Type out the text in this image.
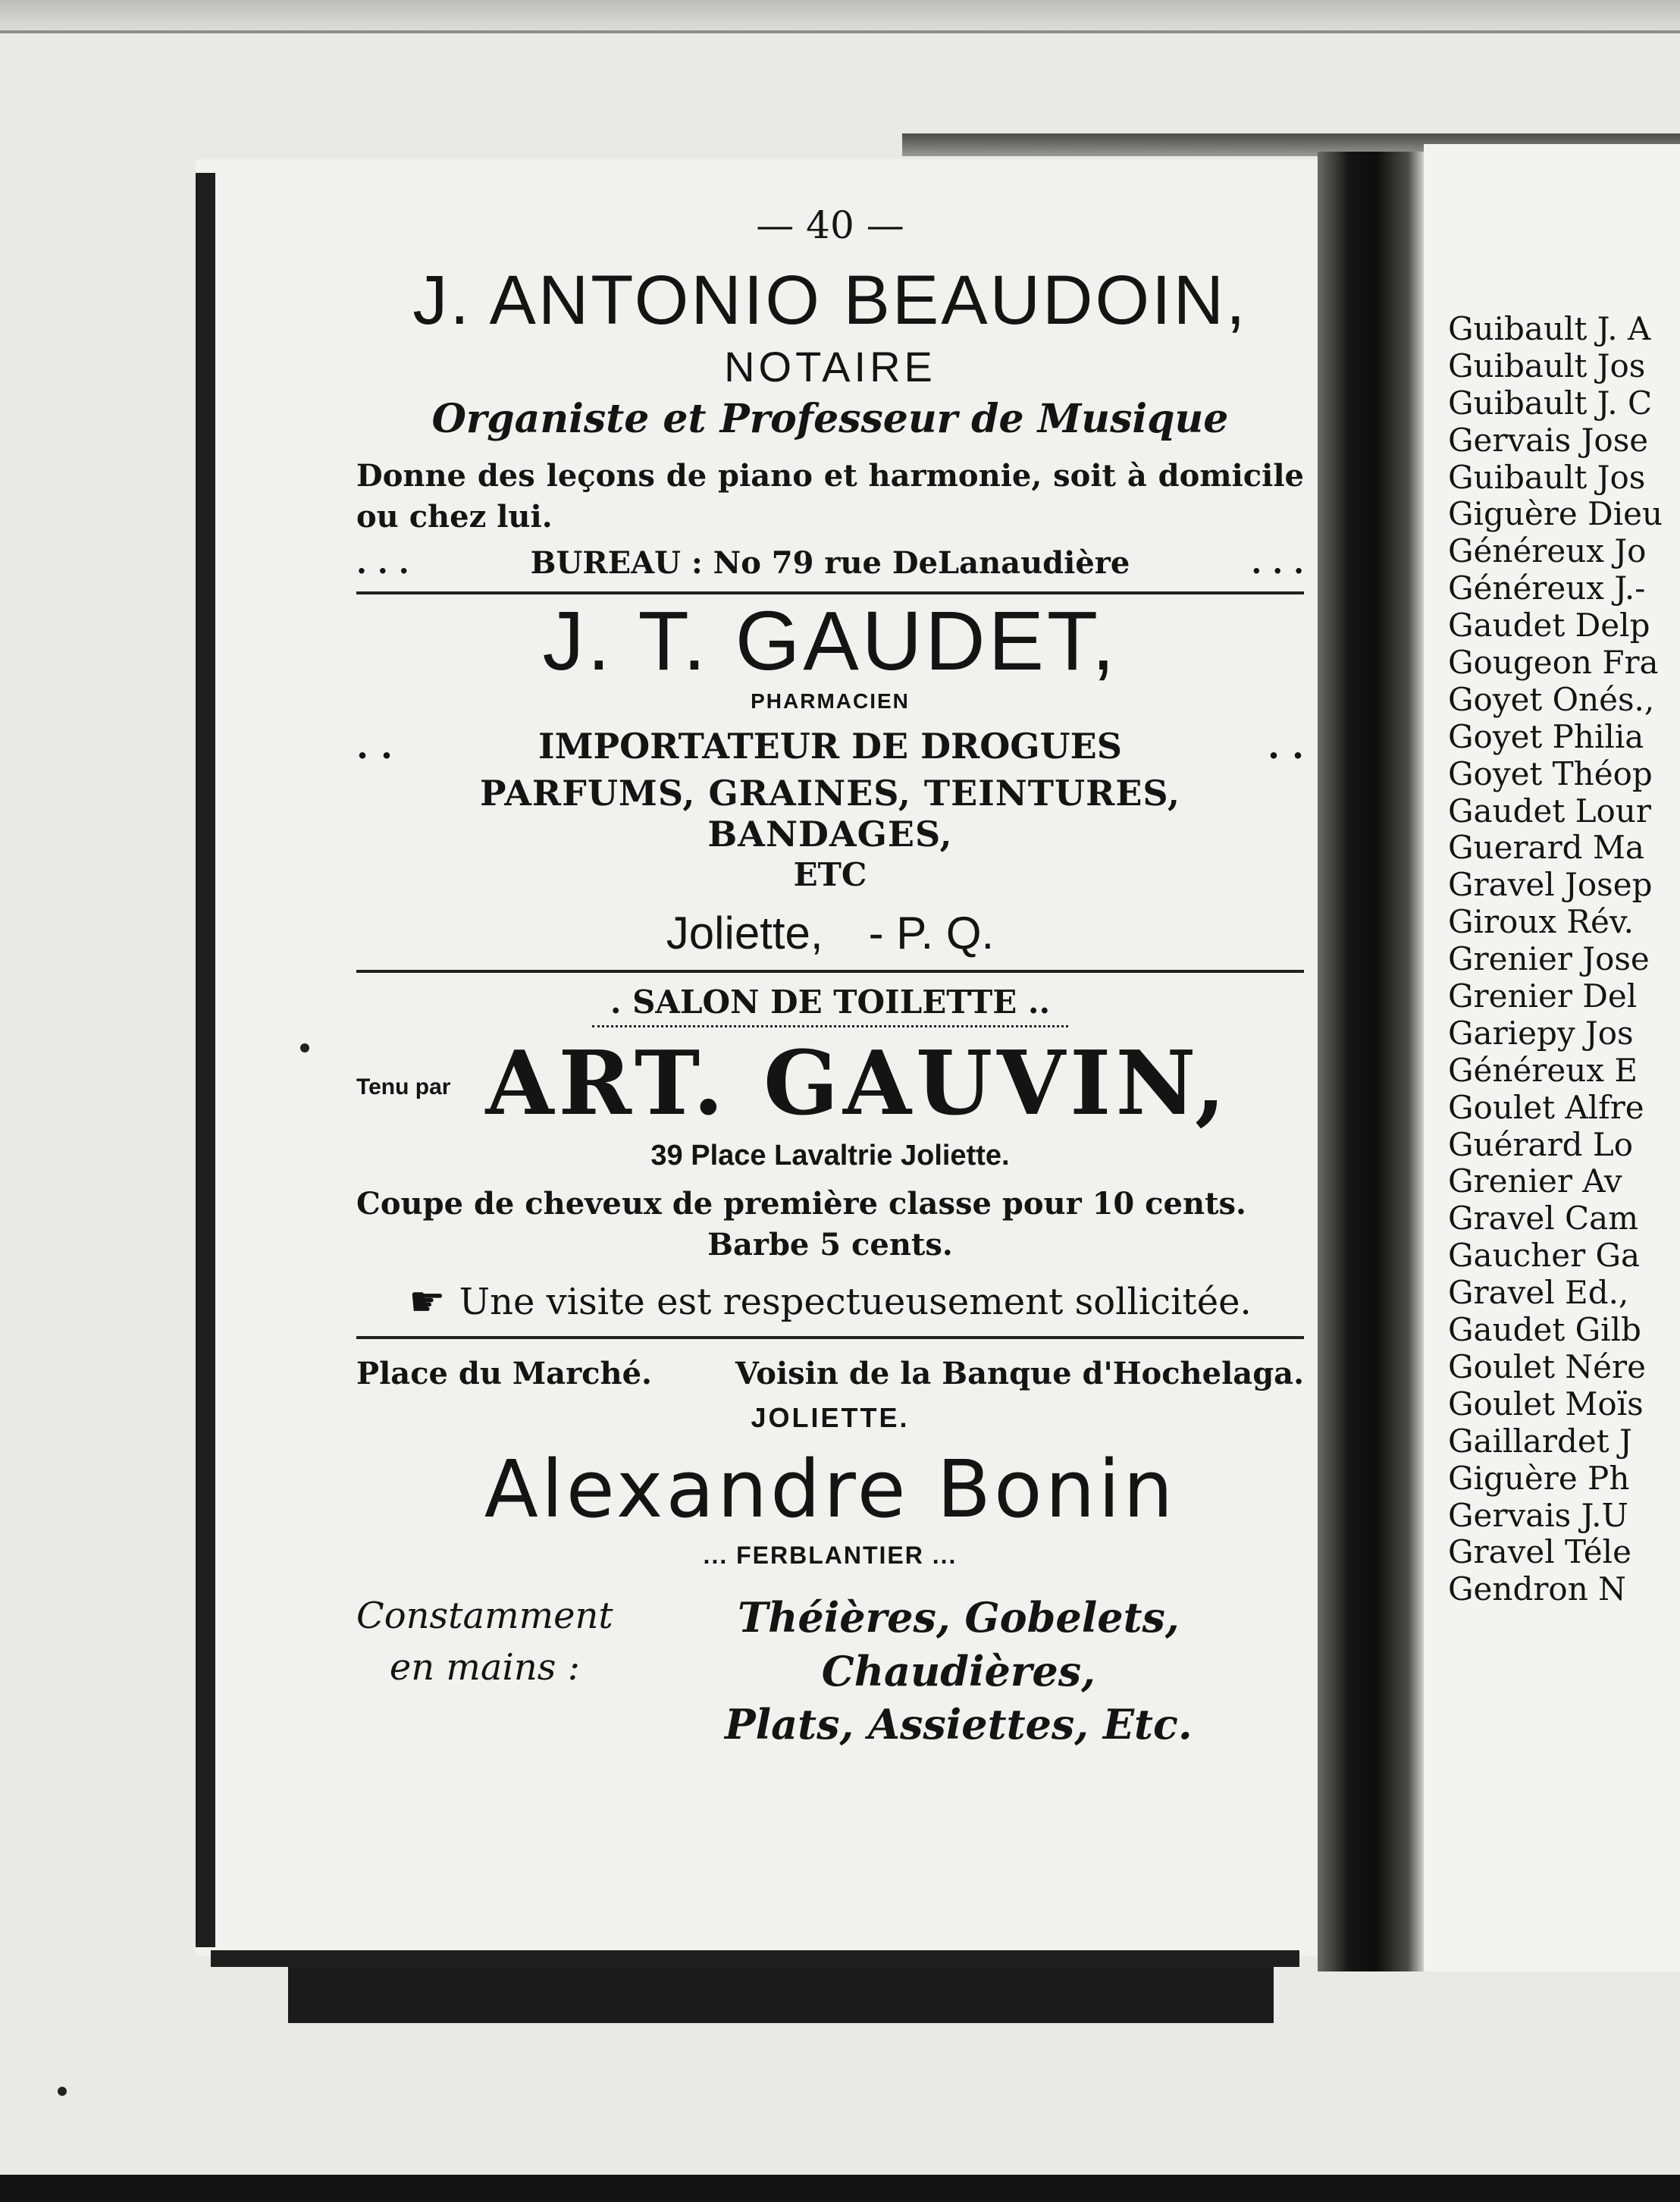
— 40 —
J. ANTONIO BEAUDOIN,
NOTAIRE
Organiste et Professeur de Musique
Donne des leçons de piano et harmonie, soit à domicile ou chez lui.
. . .	BUREAU : No 79 rue DeLanaudière	. . .
J. T. GAUDET,
PHARMACIEN
. .	IMPORTATEUR DE DROGUES	. .
PARFUMS, GRAINES, TEINTURES, BANDAGES,
ETC
Joliette, - P. Q.
. SALON DE TOILETTE ..
Tenu par ART. GAUVIN,
39 Place Lavaltrie Joliette.
Coupe de cheveux de première classe pour 10 cents.
Barbe 5 cents.
☛ Une visite est respectueusement sollicitée.
Place du Marché.	Voisin de la Banque d'Hochelaga.
JOLIETTE.
Alexandre Bonin
... FERBLANTIER ...
Constamment
en mains :
Théières, Gobelets, Chaudières,
Plats, Assiettes, Etc.
Guibault J. A
Guibault Jos
Guibault J. C
Gervais Jose
Guibault Jos
Giguère Dieu
Généreux Jo
Généreux J.-
Gaudet Delp
Gougeon Fra
Goyet Onés.,
Goyet Philia
Goyet Théop
Gaudet Lour
Guerard Ma
Gravel Josep
Giroux Rév.
Grenier Jose
Grenier Del
Gariepy Jos
Généreux E
Goulet Alfre
Guérard Lo
Grenier Av
Gravel Cam
Gaucher Ga
Gravel Ed.,
Gaudet Gilb
Goulet Nére
Goulet Moïs
Gaillardet J
Giguère Ph
Gervais J.U
Gravel Téle
Gendron N
